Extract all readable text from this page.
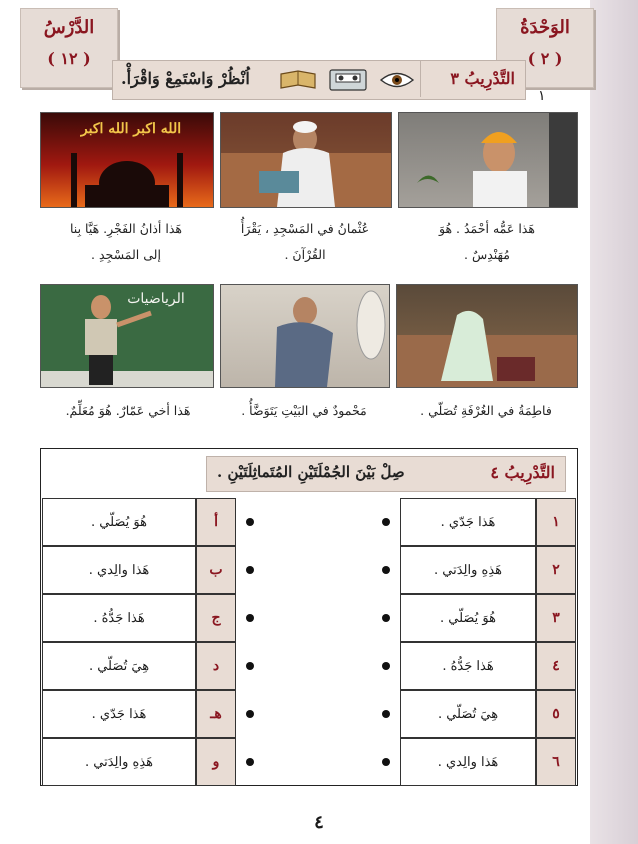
الوَحْدَةُ
( ٢ )
الدَّرْسُ
( ١٢ )
اُنْظُرْ وَاسْتَمِعْ وَاقْرَأْ.	التَّدْرِيبُ ٣
١
الله اكبر الله اكبر
هَذا عَمُّه أحْمَدُ . هُوَ
مُهَنْدِسٌ .
عُثْمانُ في المَسْجِدِ ، يَقْرَأُ
القُرْآنَ .
هَذا أذانُ الفَجْرِ. هَيَّا بِنا
إلى المَسْجِدِ .
الرياضيات
فاطِمَةُ في الغُرْفَةِ تُصَلّي .
مَحْمودٌ في البَيْتِ يَتَوَضَّأُ .
هَذا أخي عَمّارٌ. هُوَ مُعَلِّمٌ.
صِلْ بَيْنَ الجُمْلَتَيْنِ المُتَماثِلَتَيْنِ .	التَّدْرِيبُ ٤
١
هَذا جَدّي .
٢
هَذِهِ والِدَتي .
٣
هُوَ يُصَلّي .
٤
هَذا جَدُّهُ .
٥
هِيَ تُصَلّي .
٦
هَذا والِدي .
أ
هُوَ يُصَلّي .
ب
هَذا والِدي .
ج
هَذا جَدُّهُ .
د
هِيَ تُصَلّي .
هـ
هَذا جَدّي .
و
هَذِهِ والِدَتي .
٤
